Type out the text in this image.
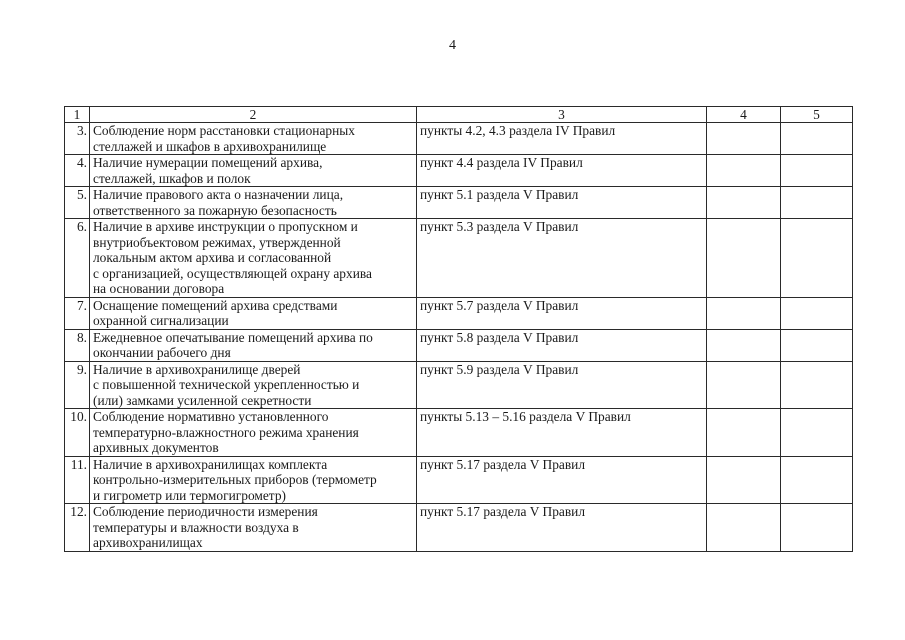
4
1	2	3	4	5
3.	Соблюдение норм расстановки стационарных
стеллажей и шкафов в архивохранилище	пункты 4.2, 4.3 раздела IV Правил		
4.	Наличие нумерации помещений архива,
стеллажей, шкафов и полок	пункт 4.4 раздела IV Правил		
5.	Наличие правового акта о назначении лица,
ответственного за пожарную безопасность	пункт 5.1 раздела V Правил		
6.	Наличие в архиве инструкции о пропускном и
внутриобъектовом режимах, утвержденной
локальным актом архива и согласованной
с организацией, осуществляющей охрану архива
на основании договора	пункт 5.3 раздела V Правил		
7.	Оснащение помещений архива средствами
охранной сигнализации	пункт 5.7 раздела V Правил		
8.	Ежедневное опечатывание помещений архива по
окончании рабочего дня	пункт 5.8 раздела V Правил		
9.	Наличие в архивохранилище дверей
с повышенной технической укрепленностью и
(или) замками усиленной секретности	пункт 5.9 раздела V Правил		
10.	Соблюдение нормативно установленного
температурно-влажностного режима хранения
архивных документов	пункты 5.13 – 5.16 раздела V Правил		
11.	Наличие в архивохранилищах комплекта
контрольно-измерительных приборов (термометр
и гигрометр или термогигрометр)	пункт 5.17 раздела V Правил		
12.	Соблюдение периодичности измерения
температуры и влажности воздуха в
архивохранилищах	пункт 5.17 раздела V Правил		
